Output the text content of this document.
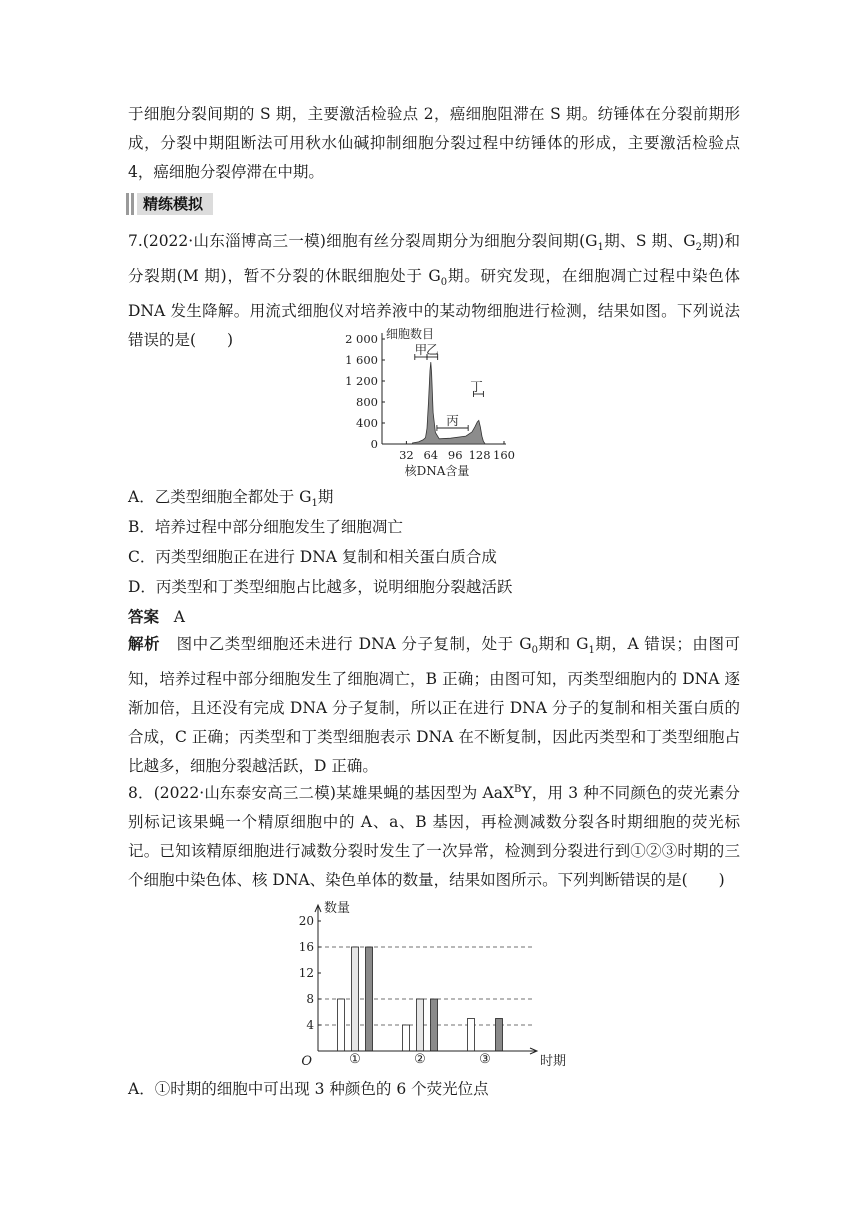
于细胞分裂间期的 S 期，主要激活检验点 2，癌细胞阻滞在 S 期。纺锤体在分裂前期形成，分裂中期阻断法可用秋水仙碱抑制细胞分裂过程中纺锤体的形成，主要激活检验点 4，癌细胞分裂停滞在中期。
精练模拟
7.(2022·山东淄博高三一模)细胞有丝分裂周期分为细胞分裂间期($G_1$期、S 期、$G_2$期)和分裂期(M 期)，暂不分裂的休眠细胞处于 $G_0$期。研究发现，在细胞凋亡过程中染色体 DNA 发生降解。用流式细胞仪对培养液中的某动物细胞进行检测，结果如图。下列说法错误的是(　　)
0
400
800
1 200
1 600
2 000
32 64 96 128 160
细胞数目
核DNA含量
甲
乙
丙
丁
A．乙类型细胞全都处于 $G_1$期
B．培养过程中部分细胞发生了细胞凋亡
C．丙类型细胞正在进行 DNA 复制和相关蛋白质合成
D．丙类型和丁类型细胞占比越多，说明细胞分裂越活跃
答案 A
解析 图中乙类型细胞还未进行 DNA 分子复制，处于 $G_0$期和 $G_1$期，A 错误；由图可知，培养过程中部分细胞发生了细胞凋亡，B 正确；由图可知，丙类型细胞内的 DNA 逐渐加倍，且还没有完成 DNA 分子复制，所以正在进行 DNA 分子的复制和相关蛋白质的合成，C 正确；丙类型和丁类型细胞表示 DNA 在不断复制，因此丙类型和丁类型细胞占比越多，细胞分裂越活跃，D 正确。
8．(2022·山东泰安高三二模)某雄果蝇的基因型为 AaX$^B$Y，用 3 种不同颜色的荧光素分别标记该果蝇一个精原细胞中的 A、a、B 基因，再检测减数分裂各时期细胞的荧光标记。已知该精原细胞进行减数分裂时发生了一次异常，检测到分裂进行到①②③时期的三个细胞中染色体、核 DNA、染色单体的数量，结果如图所示。下列判断错误的是(　　)
①	②	③
4
8
12
16
20
O
数量
时期
A．①时期的细胞中可出现 3 种颜色的 6 个荧光位点
